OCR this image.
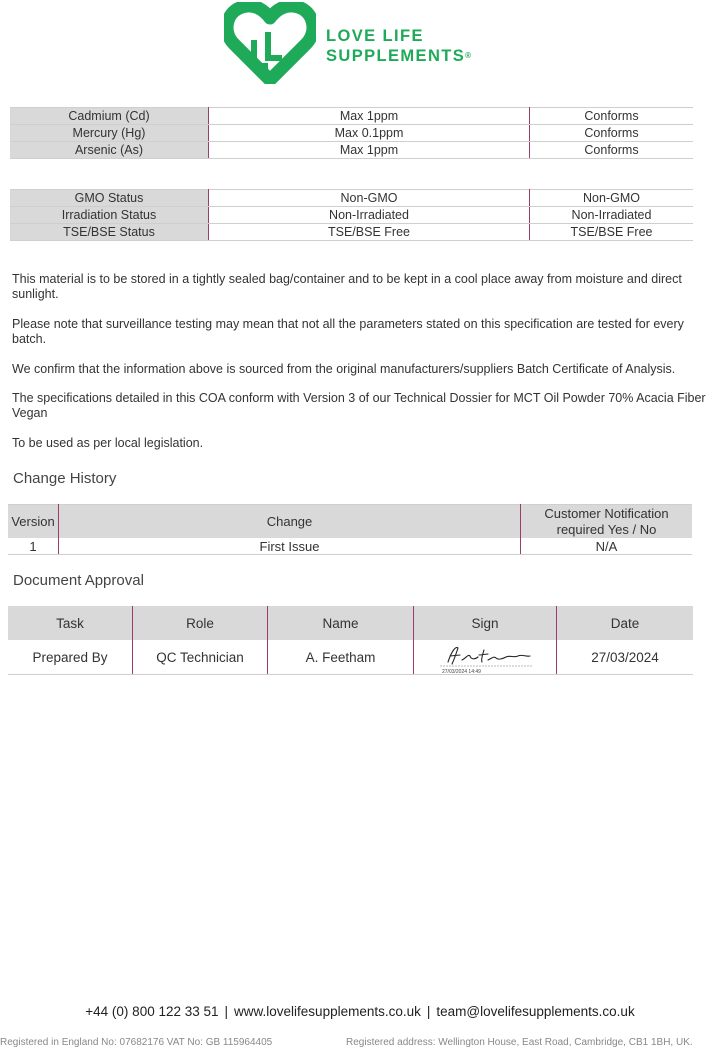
LOVE LIFE
SUPPLEMENTS®
Cadmium (Cd)	Max 1ppm	Conforms
Mercury (Hg)	Max 0.1ppm	Conforms
Arsenic (As)	Max 1ppm	Conforms
GMO Status	Non-GMO	Non-GMO
Irradiation Status	Non-Irradiated	Non-Irradiated
TSE/BSE Status	TSE/BSE Free	TSE/BSE Free
This material is to be stored in a tightly sealed bag/container and to be kept in a cool place away from moisture and direct sunlight.
Please note that surveillance testing may mean that not all the parameters stated on this specification are tested for every batch.
We confirm that the information above is sourced from the original manufacturers/suppliers Batch Certificate of Analysis.
The specifications detailed in this COA conform with Version 3 of our Technical Dossier for MCT Oil Powder 70% Acacia Fiber Vegan
To be used as per local legislation.
Change History
Version	Change	Customer Notification
required Yes / No

1	First Issue	N/A
Document Approval
Task	Role	Name	Sign	Date
Prepared By	QC Technician	A. Feetham	27/03/2024 14:49	27/03/2024
+44 (0) 800 122 33 51 | www.lovelifesupplements.co.uk | team@lovelifesupplements.co.uk
Registered in England No: 07682176 VAT No: GB 115964405	Registered address: Wellington House, East Road, Cambridge, CB1 1BH, UK.
